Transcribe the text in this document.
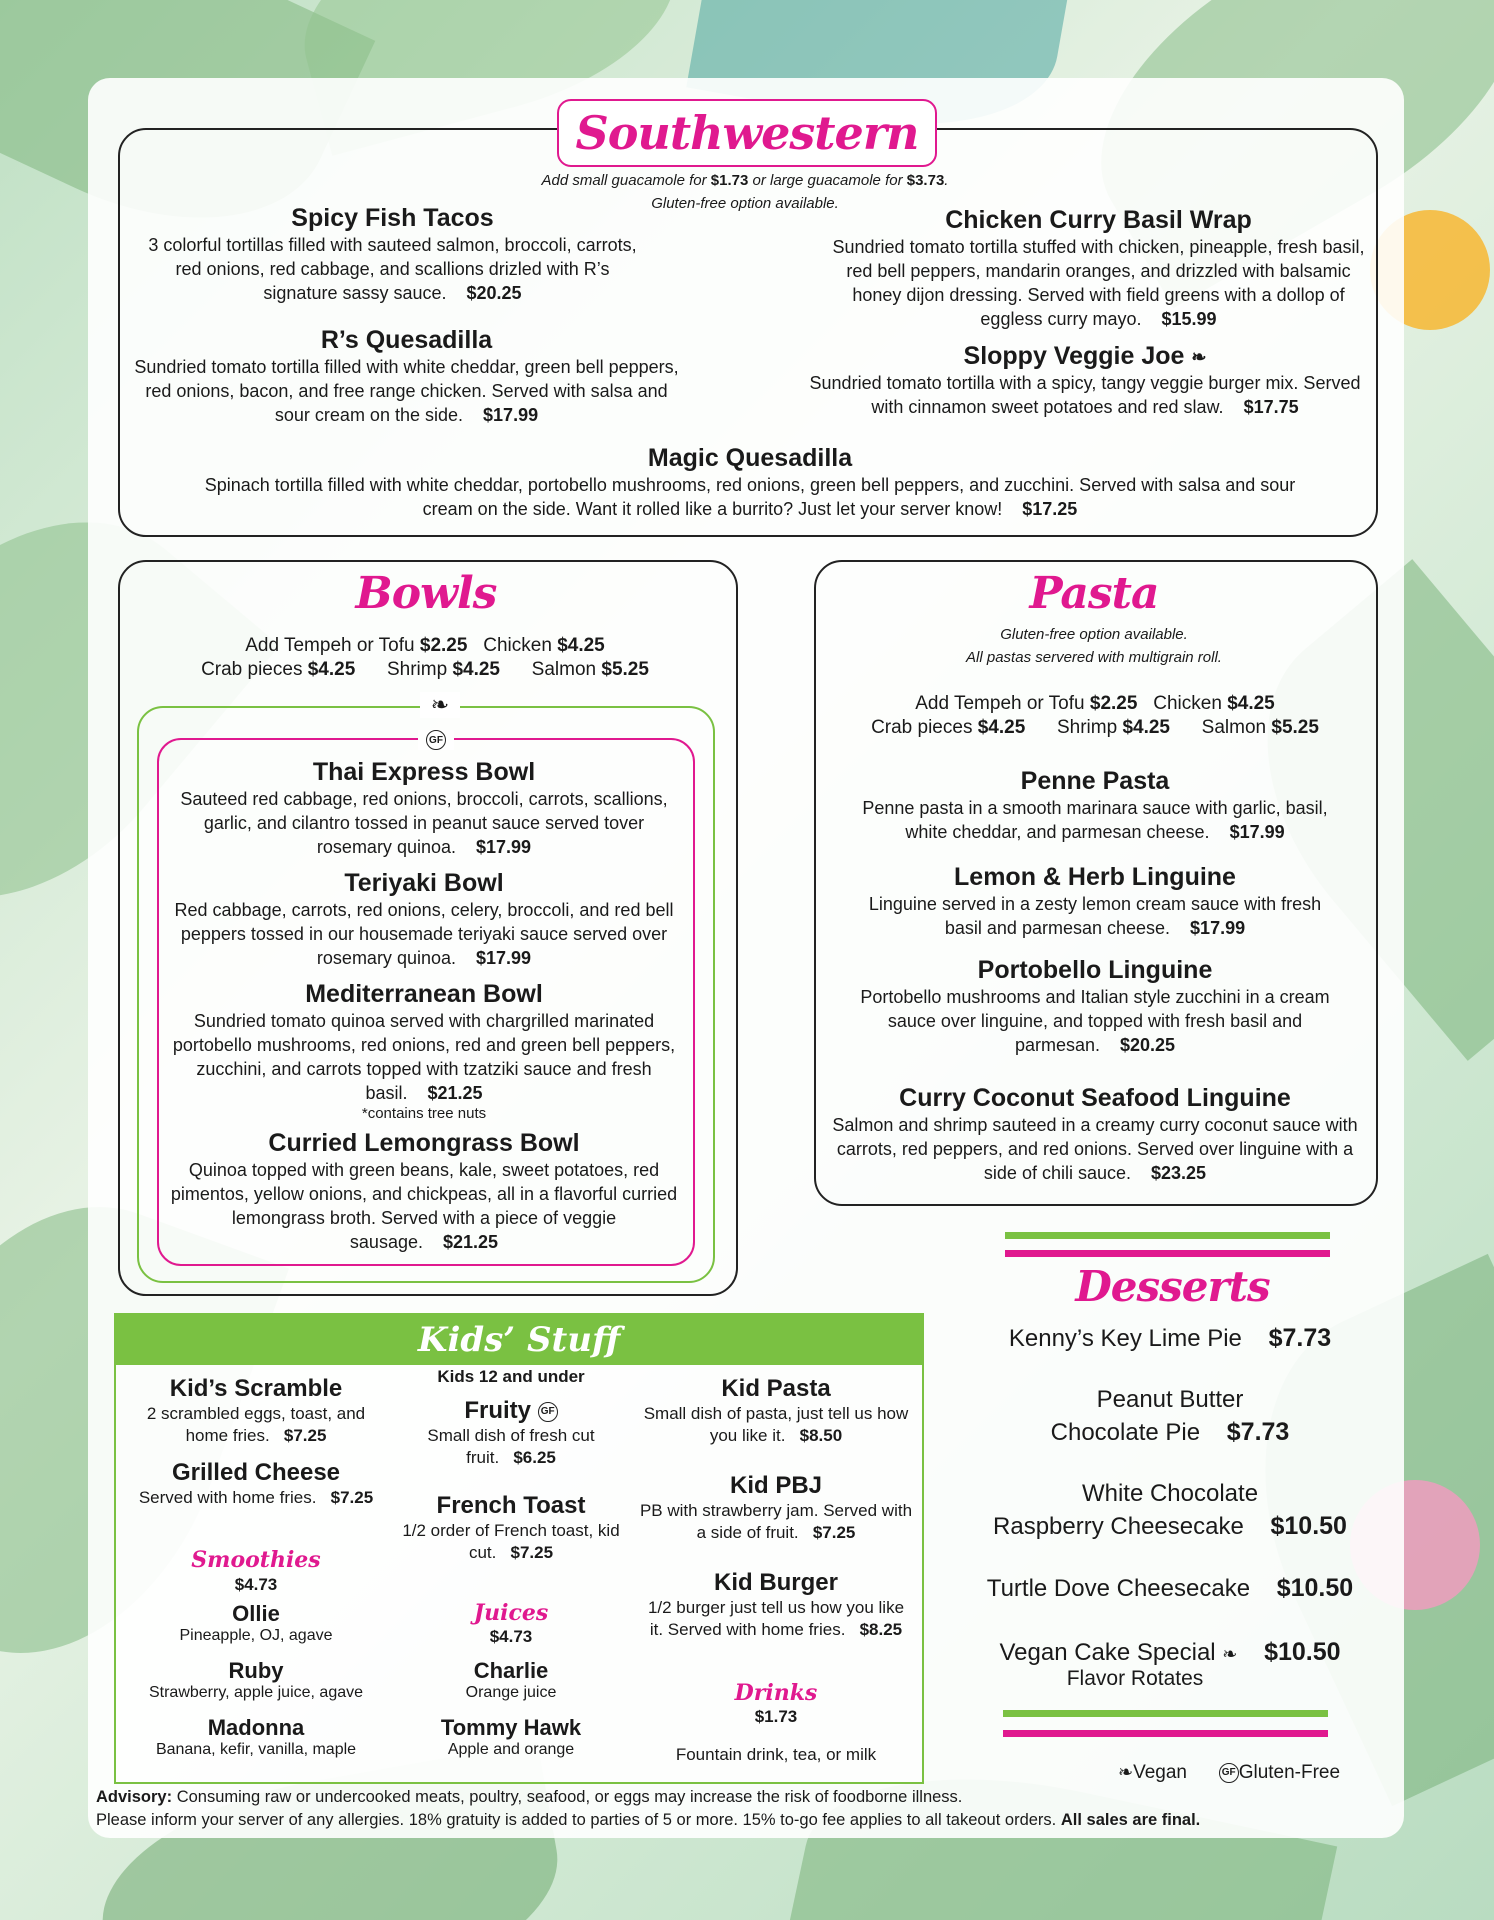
Southwestern
Add small guacamole for $1.73 or large guacamole for $3.73.
Gluten-free option available.
Spicy Fish Tacos
3 colorful tortillas filled with sauteed salmon, broccoli, carrots, red onions, red cabbage, and scallions drizled with R’s signature sassy sauce. $20.25
R’s Quesadilla
Sundried tomato tortilla filled with white cheddar, green bell peppers, red onions, bacon, and free range chicken. Served with salsa and sour cream on the side. $17.99
Chicken Curry Basil Wrap
Sundried tomato tortilla stuffed with chicken, pineapple, fresh basil, red bell peppers, mandarin oranges, and drizzled with balsamic honey dijon dressing. Served with field greens with a dollop of eggless curry mayo. $15.99
Sloppy Veggie Joe ❧
Sundried tomato tortilla with a spicy, tangy veggie burger mix. Served with cinnamon sweet potatoes and red slaw. $17.75
Magic Quesadilla
Spinach tortilla filled with white cheddar, portobello mushrooms, red onions, green bell peppers, and zucchini. Served with salsa and sour cream on the side. Want it rolled like a burrito? Just let your server know! $17.25
Bowls
Add Tempeh or Tofu $2.25 Chicken $4.25
Crab pieces $4.25 Shrimp $4.25 Salmon $5.25
❧
GF
Thai Express Bowl
Sauteed red cabbage, red onions, broccoli, carrots, scallions, garlic, and cilantro tossed in peanut sauce served tover rosemary quinoa. $17.99
Teriyaki Bowl
Red cabbage, carrots, red onions, celery, broccoli, and red bell peppers tossed in our housemade teriyaki sauce served over rosemary quinoa. $17.99
Mediterranean Bowl
Sundried tomato quinoa served with chargrilled marinated portobello mushrooms, red onions, red and green bell peppers, zucchini, and carrots topped with tzatziki sauce and fresh basil. $21.25
*contains tree nuts
Curried Lemongrass Bowl
Quinoa topped with green beans, kale, sweet potatoes, red pimentos, yellow onions, and chickpeas, all in a flavorful curried lemongrass broth. Served with a piece of veggie sausage. $21.25
Pasta
Gluten-free option available.
All pastas servered with multigrain roll.
Add Tempeh or Tofu $2.25 Chicken $4.25
Crab pieces $4.25 Shrimp $4.25 Salmon $5.25
Penne Pasta
Penne pasta in a smooth marinara sauce with garlic, basil, white cheddar, and parmesan cheese. $17.99
Lemon & Herb Linguine
Linguine served in a zesty lemon cream sauce with fresh basil and parmesan cheese. $17.99
Portobello Linguine
Portobello mushrooms and Italian style zucchini in a cream sauce over linguine, and topped with fresh basil and parmesan. $20.25
Curry Coconut Seafood Linguine
Salmon and shrimp sauteed in a creamy curry coconut sauce with carrots, red peppers, and red onions. Served over linguine with a side of chili sauce. $23.25
Desserts
Kenny’s Key Lime Pie $7.73
Peanut Butter
Chocolate Pie $7.73
White Chocolate
Raspberry Cheesecake $10.50
Turtle Dove Cheesecake $10.50
Vegan Cake Special ❧ $10.50
Flavor Rotates
❧Vegan	GF Gluten-Free
Kids’ Stuff
Kids 12 and under
Kid’s Scramble
2 scrambled eggs, toast, and home fries. $7.25
Grilled Cheese
Served with home fries. $7.25
Smoothies
$4.73
Ollie
Pineapple, OJ, agave
Ruby
Strawberry, apple juice, agave
Madonna
Banana, kefir, vanilla, maple
Fruity GF
Small dish of fresh cut fruit. $6.25
French Toast
1/2 order of French toast, kid cut. $7.25
Juices
$4.73
Charlie
Orange juice
Tommy Hawk
Apple and orange
Kid Pasta
Small dish of pasta, just tell us how you like it. $8.50
Kid PBJ
PB with strawberry jam. Served with a side of fruit. $7.25
Kid Burger
1/2 burger just tell us how you like it. Served with home fries. $8.25
Drinks
$1.73
Fountain drink, tea, or milk
Advisory: Consuming raw or undercooked meats, poultry, seafood, or eggs may increase the risk of foodborne illness.
Please inform your server of any allergies. 18% gratuity is added to parties of 5 or more. 15% to-go fee applies to all takeout orders. All sales are final.
